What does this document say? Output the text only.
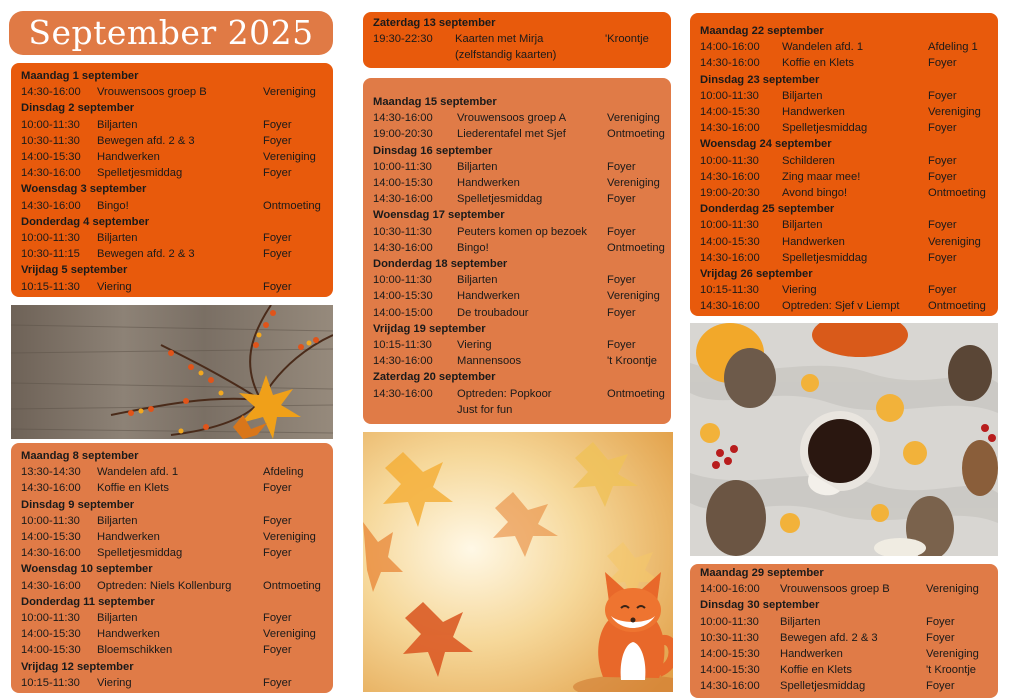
September 2025
Maandag 1 september
14:30-16:00	Vrouwensoos groep B	Vereniging
Dinsdag 2 september
10:00-11:30	Biljarten	Foyer
10:30-11:30	Bewegen afd. 2 & 3	Foyer
14:00-15:30	Handwerken	Vereniging
14:30-16:00	Spelletjesmiddag	Foyer
Woensdag 3 september
14:30-16:00	Bingo!	Ontmoeting
Donderdag 4 september
10:00-11:30	Biljarten	Foyer
10:30-11:15	Bewegen afd. 2 & 3	Foyer
Vrijdag 5 september
10:15-11:30	Viering	Foyer
Maandag 8 september
13:30-14:30	Wandelen afd. 1	Afdeling
14:30-16:00	Koffie en Klets	Foyer
Dinsdag 9 september
10:00-11:30	Biljarten	Foyer
14:00-15:30	Handwerken	Vereniging
14:30-16:00	Spelletjesmiddag	Foyer
Woensdag 10 september
14:30-16:00	Optreden: Niels Kollenburg	Ontmoeting
Donderdag 11 september
10:00-11:30	Biljarten	Foyer
14:00-15:30	Handwerken	Vereniging
14:00-15:30	Bloemschikken	Foyer
Vrijdag 12 september
10:15-11:30	Viering	Foyer
Zaterdag 13 september
19:30-22:30	Kaarten met Mirja	'Kroontje
(zelfstandig kaarten)
Maandag 15 september
14:30-16:00	Vrouwensoos groep A	Vereniging
19:00-20:30	Liederentafel met Sjef	Ontmoeting
Dinsdag 16 september
10:00-11:30	Biljarten	Foyer
14:00-15:30	Handwerken	Vereniging
14:30-16:00	Spelletjesmiddag	Foyer
Woensdag 17 september
10:30-11:30	Peuters komen op bezoek	Foyer
14:30-16:00	Bingo!	Ontmoeting
Donderdag 18 september
10:00-11:30	Biljarten	Foyer
14:00-15:30	Handwerken	Vereniging
14:00-15:00	De troubadour	Foyer
Vrijdag 19 september
10:15-11:30	Viering	Foyer
14:30-16:00	Mannensoos	't Kroontje
Zaterdag 20 september
14:30-16:00	Optreden: Popkoor	Ontmoeting
Just for fun
Maandag 22 september
14:00-16:00	Wandelen afd. 1	Afdeling 1
14:30-16:00	Koffie en Klets	Foyer
Dinsdag 23 september
10:00-11:30	Biljarten	Foyer
14:00-15:30	Handwerken	Vereniging
14:30-16:00	Spelletjesmiddag	Foyer
Woensdag 24 september
10:00-11:30	Schilderen	Foyer
14:30-16:00	Zing maar mee!	Foyer
19:00-20:30	Avond bingo!	Ontmoeting
Donderdag 25 september
10:00-11:30	Biljarten	Foyer
14:00-15:30	Handwerken	Vereniging
14:30-16:00	Spelletjesmiddag	Foyer
Vrijdag 26 september
10:15-11:30	Viering	Foyer
14:30-16:00	Optreden: Sjef v Liempt	Ontmoeting
Maandag 29 september
14:00-16:00	Vrouwensoos groep B	Vereniging
Dinsdag 30 september
10:00-11:30	Biljarten	Foyer
10:30-11:30	Bewegen afd. 2 & 3	Foyer
14:00-15:30	Handwerken	Vereniging
14:00-15:30	Koffie en Klets	't Kroontje
14:30-16:00	Spelletjesmiddag	Foyer
